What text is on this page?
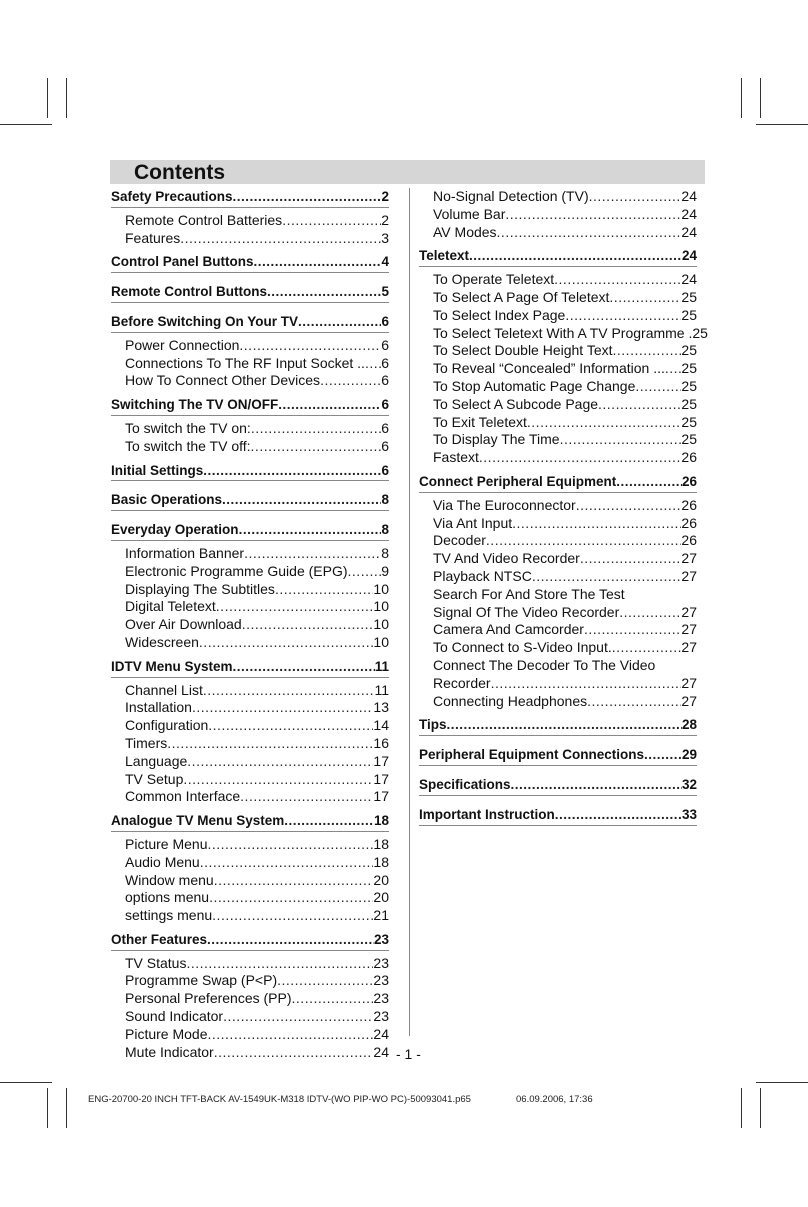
Contents
Safety Precautions .....	2
Remote Control Batteries .....	2
Features .....	3
Control Panel Buttons .....	4
Remote Control Buttons .....	5
Before Switching On Your TV .....	6
Power Connection .....	6
Connections To The RF Input Socket .. ..... 6
How To Connect Other Devices .....	6
Switching The TV ON/OFF .....	6
To switch the TV on: .....	6
To switch the TV off: .....	6
Initial Settings .....	6
Basic Operations .....	8
Everyday Operation .....	8
Information Banner .....	8
Electronic Programme Guide (EPG) ..... 9
Displaying The Subtitles .....	10
Digital Teletext .....	10
Over Air Download .....	10
Widescreen .....	10
IDTV Menu System .....	11
Channel List .....	11
Installation .....	13
Configuration .....	14
Timers .....	16
Language .....	17
TV Setup .....	17
Common Interface .....	17
Analogue TV Menu System .....	18
Picture Menu .....	18
Audio Menu .....	18
Window menu .....	20
options menu .....	20
settings menu .....	21
Other Features .....	23
TV Status .....	23
Programme Swap (P<P) .....	23
Personal Preferences (PP) .....	23
Sound Indicator .....	23
Picture Mode .....	24
Mute Indicator .....	24
No-Signal Detection (TV) .....	24
Volume Bar .....	24
AV Modes .....	24
Teletext .....	24
To Operate Teletext .....	24
To Select A Page Of Teletext .....	25
To Select Index Page .....	25
To Select Teletext With A TV Programme . 25
To Select Double Height Text .....	25
To Reveal “Concealed” Information ... ..... 25
To Stop Automatic Page Change .....	25
To Select A Subcode Page .....	25
To Exit Teletext .....	25
To Display The Time .....	25
Fastext .....	26
Connect Peripheral Equipment .....	26
Via The Euroconnector .....	26
Via Ant Input .....	26
Decoder .....	26
TV And Video Recorder .....	27
Playback NTSC .....	27
Search For And Store The Test
Signal Of The Video Recorder .....	27
Camera And Camcorder .....	27
To Connect to S-Video Input. .....	27
Connect The Decoder To The Video
Recorder .....	27
Connecting Headphones .....	27
Tips .....	28
Peripheral Equipment Connections .....	29
Specifications .....	32
Important Instruction .....	33
- 1 -
ENG-20700-20 INCH TFT-BACK AV-1549UK-M318 IDTV-(WO PIP-WO PC)-50093041.p65	06.09.2006, 17:36
